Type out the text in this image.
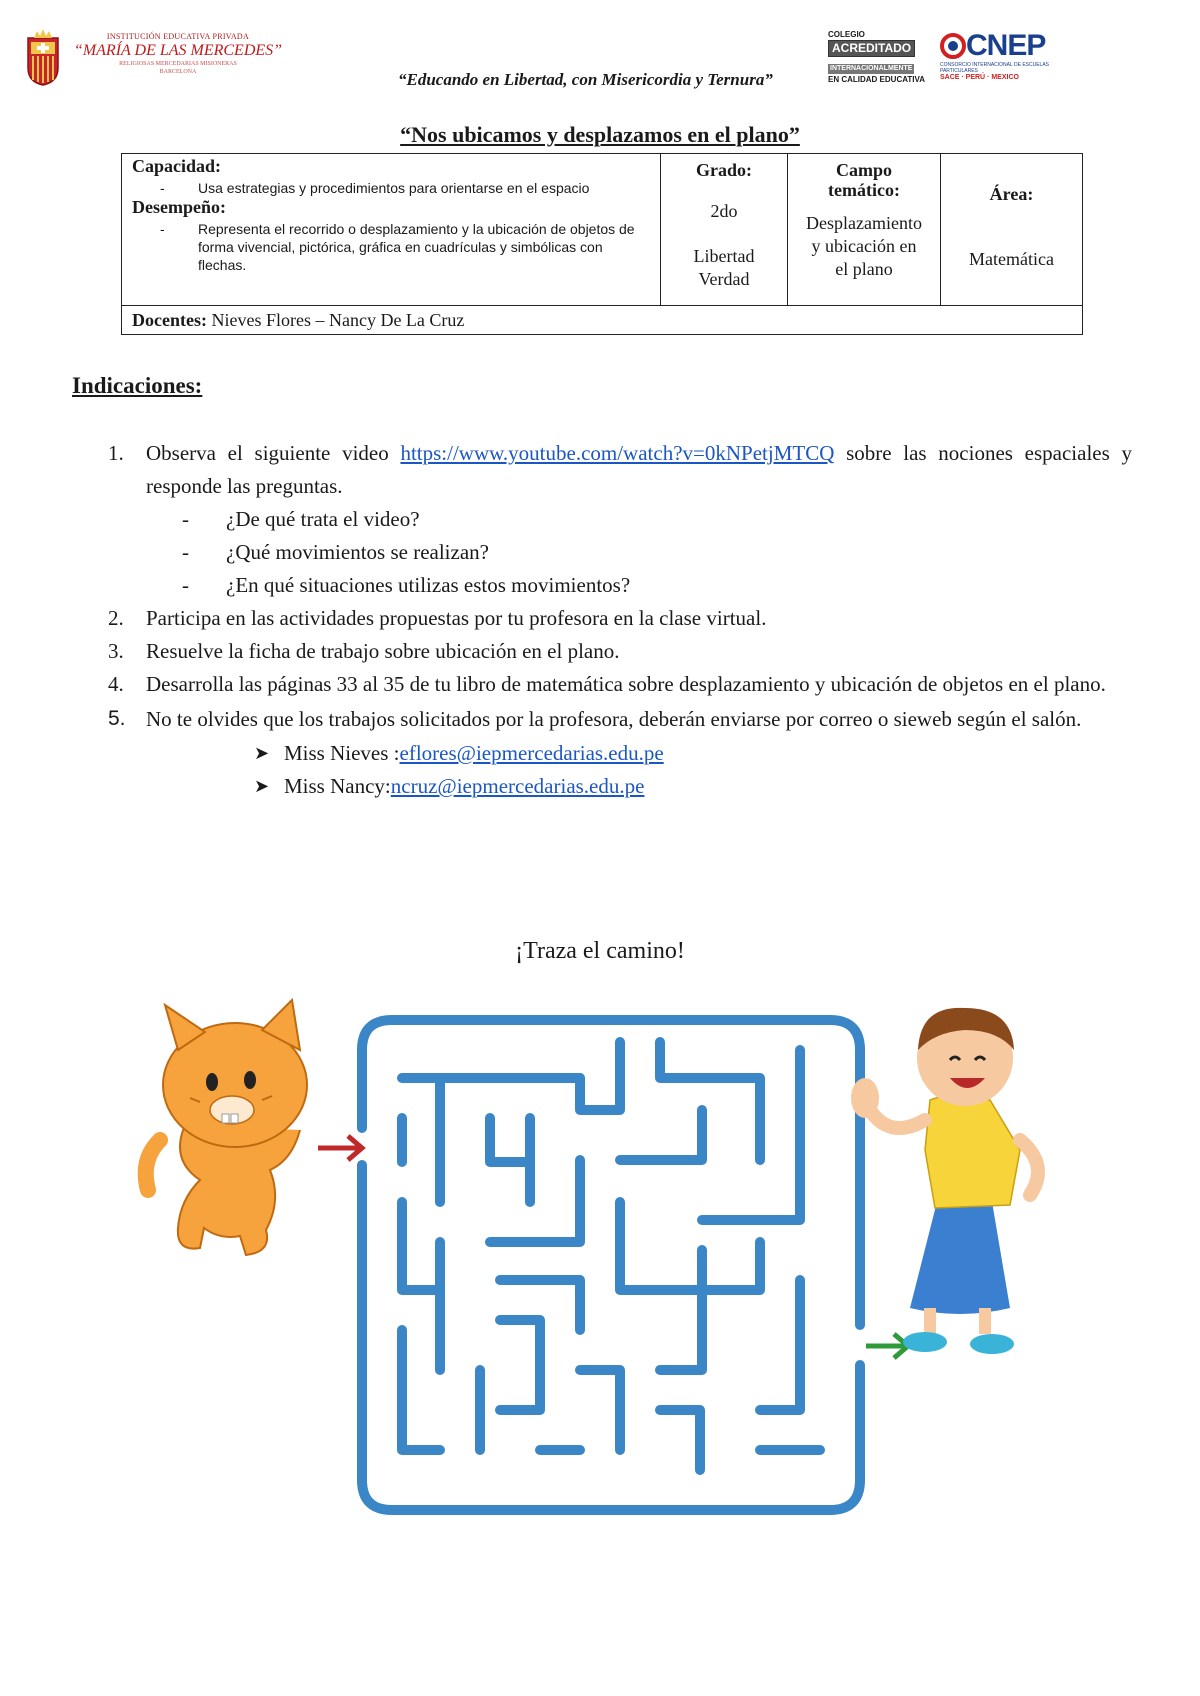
INSTITUCIÓN EDUCATIVA PRIVADA
“MARÍA DE LAS MERCEDES”
RELIGIOSAS MERCEDARIAS MISIONERAS
BARCELONA	“Educando en Libertad, con Misericordia y Ternura”
COLEGIO
ACREDITADO
INTERNACIONALMENTE
EN CALIDAD EDUCATIVA
CNEP
CONSORCIO INTERNACIONAL DE ESCUELAS PARTICULARES
SACE · PERÚ · MEXICO
“Nos ubicamos y desplazamos en el plano”
Capacidad:
-	Usa estrategias y procedimientos para orientarse en el espacio
Desempeño:
-	Representa el recorrido o desplazamiento y la ubicación de objetos de forma vivencial, pictórica, gráfica en cuadrículas y simbólicas con flechas.

Grado:
2do
Libertad
Verdad

Campo
temático:
Desplazamiento
y ubicación en
el plano

Área:
Matemática

Docentes: Nieves Flores – Nancy De La Cruz
Indicaciones:
1.	Observa el siguiente video https://www.youtube.com/watch?v=0kNPetjMTCQ sobre las nociones espaciales y responde las preguntas.
-	¿De qué trata el video?
-	¿Qué movimientos se realizan?
-	¿En qué situaciones utilizas estos movimientos?
2.	Participa en las actividades propuestas por tu profesora en la clase virtual.
3.	Resuelve la ficha de trabajo sobre ubicación en el plano.
4.	Desarrolla las páginas 33 al 35 de tu libro de matemática sobre desplazamiento y ubicación de objetos en el plano.
5. No te olvides que los trabajos solicitados por la profesora, deberán enviarse por correo o sieweb según el salón.
➤ Miss Nieves : eflores@iepmercedarias.edu.pe
➤ Miss Nancy: ncruz@iepmercedarias.edu.pe
¡Traza el camino!
